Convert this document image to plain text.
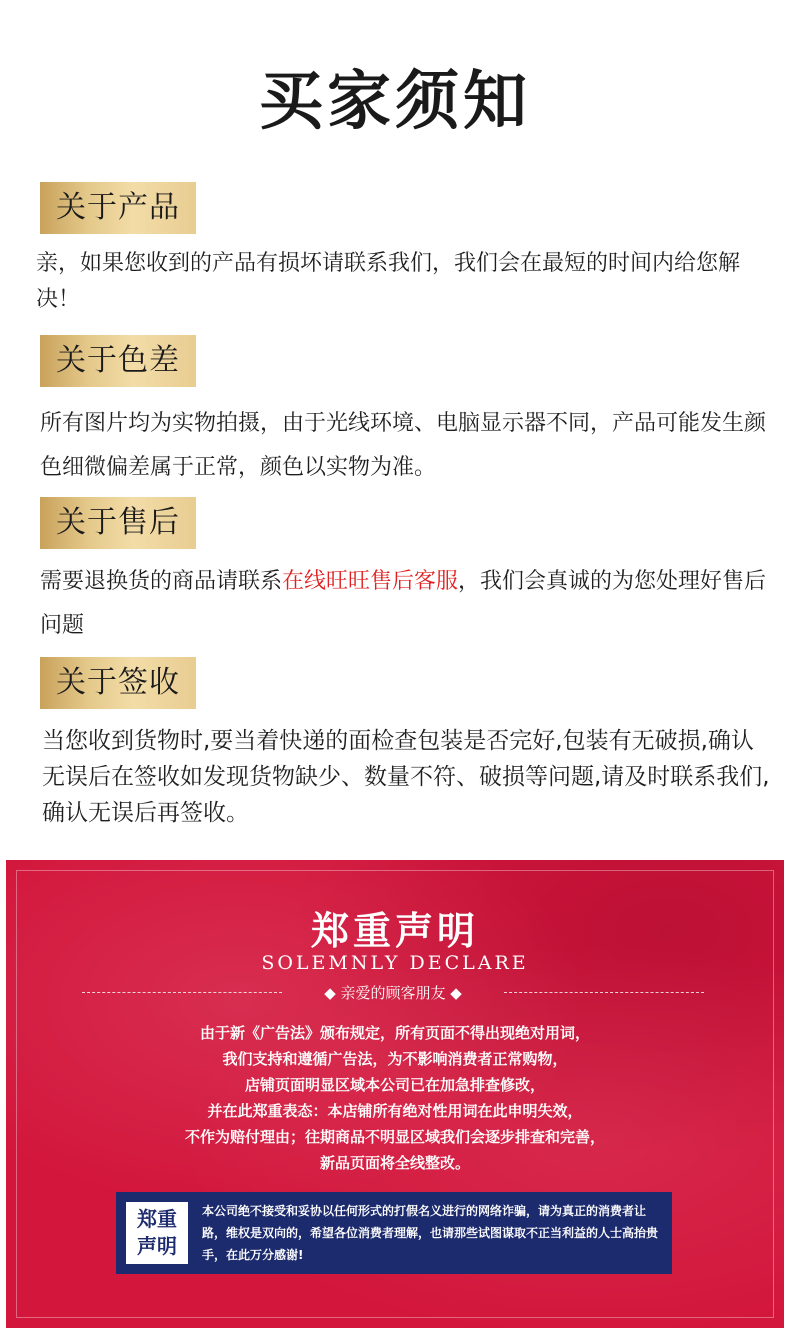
买家须知
关于产品
亲，如果您收到的产品有损坏请联系我们，我们会在最短的时间内给您解决！
关于色差
所有图片均为实物拍摄，由于光线环境、电脑显示器不同，产品可能发生颜色细微偏差属于正常，颜色以实物为准。
关于售后
需要退换货的商品请联系在线旺旺售后客服，我们会真诚的为您处理好售后问题
关于签收
当您收到货物时,要当着快递的面检查包装是否完好,包装有无破损,确认无误后在签收如发现货物缺少、数量不符、破损等问题,请及时联系我们,确认无误后再签收。
郑重声明
SOLEMNLY DECLARE
◆ 亲爱的顾客朋友 ◆
由于新《广告法》颁布规定，所有页面不得出现绝对用词，
我们支持和遵循广告法，为不影响消费者正常购物，
店铺页面明显区域本公司已在加急排查修改，
并在此郑重表态：本店铺所有绝对性用词在此申明失效，
不作为赔付理由；往期商品不明显区域我们会逐步排查和完善，
新品页面将全线整改。
郑重
声明
本公司绝不接受和妥协以任何形式的打假名义进行的网络诈骗，请为真正的消费者让路，维权是双向的，希望各位消费者理解，也请那些试图谋取不正当利益的人士高抬贵手，在此万分感谢!
